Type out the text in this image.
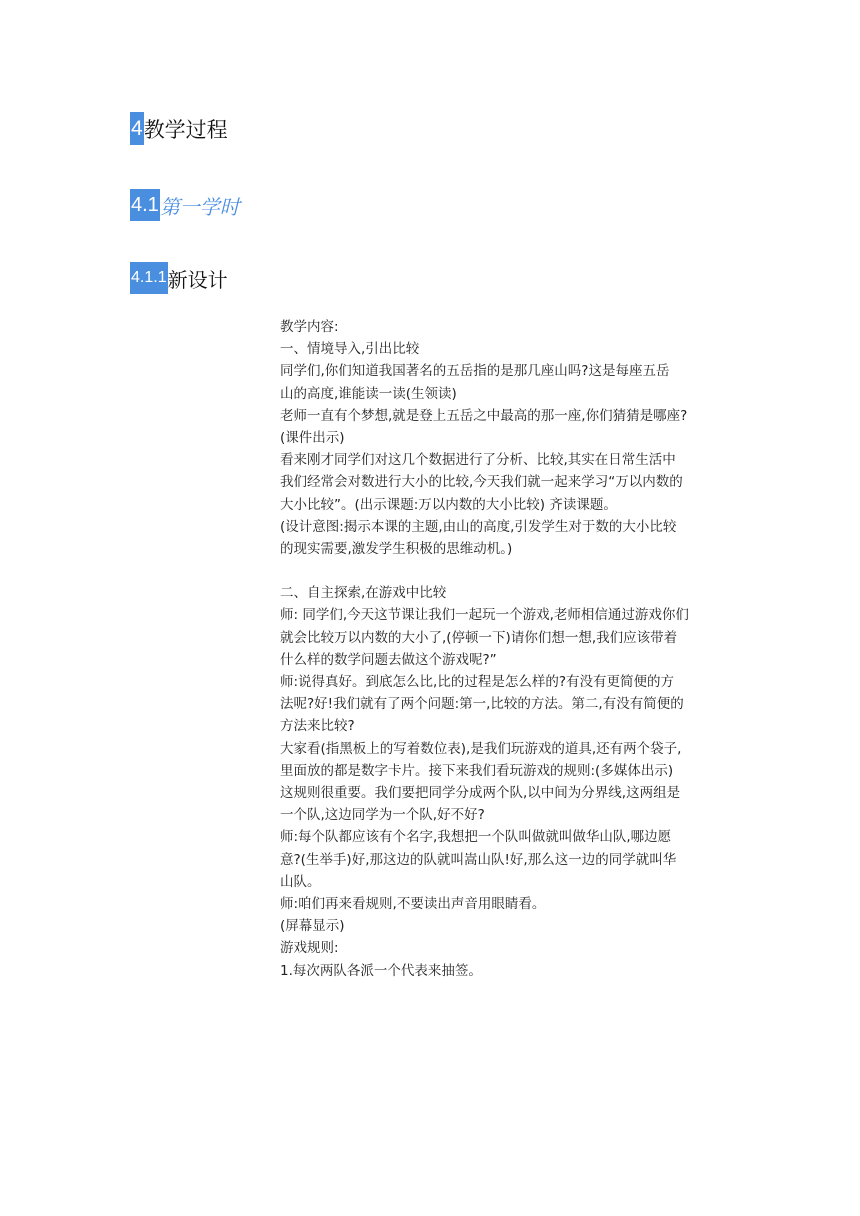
4 教学过程
4.1 第一学时
4.1.1 新设计

教学内容:

一、情境导入,引出比较

同学们,你们知道我国著名的五岳指的是那几座山吗?这是每座五岳

山的高度,谁能读一读(生领读)

老师一直有个梦想,就是登上五岳之中最高的那一座,你们猜猜是哪座?

(课件出示)

看来刚才同学们对这几个数据进行了分析、比较,其实在日常生活中

我们经常会对数进行大小的比较,今天我们就一起来学习“万以内数的

大小比较”。(出示课题:万以内数的大小比较) 齐读课题。

(设计意图:揭示本课的主题,由山的高度,引发学生对于数的大小比较

的现实需要,激发学生积极的思维动机。)

二、自主探索,在游戏中比较

师: 同学们,今天这节课让我们一起玩一个游戏,老师相信通过游戏你们

就会比较万以内数的大小了,(停顿一下)请你们想一想,我们应该带着

什么样的数学问题去做这个游戏呢?”

师:说得真好。到底怎么比,比的过程是怎么样的?有没有更简便的方

法呢?好!我们就有了两个问题:第一,比较的方法。第二,有没有简便的

方法来比较?

大家看(指黑板上的写着数位表),是我们玩游戏的道具,还有两个袋子,

里面放的都是数字卡片。接下来我们看玩游戏的规则:(多媒体出示)

这规则很重要。我们要把同学分成两个队,以中间为分界线,这两组是

一个队,这边同学为一个队,好不好?

师:每个队都应该有个名字,我想把一个队叫做就叫做华山队,哪边愿

意?(生举手)好,那这边的队就叫嵩山队!好,那么这一边的同学就叫华

山队。

师:咱们再来看规则,不要读出声音用眼睛看。

(屏幕显示)

游戏规则:

1.每次两队各派一个代表来抽签。
